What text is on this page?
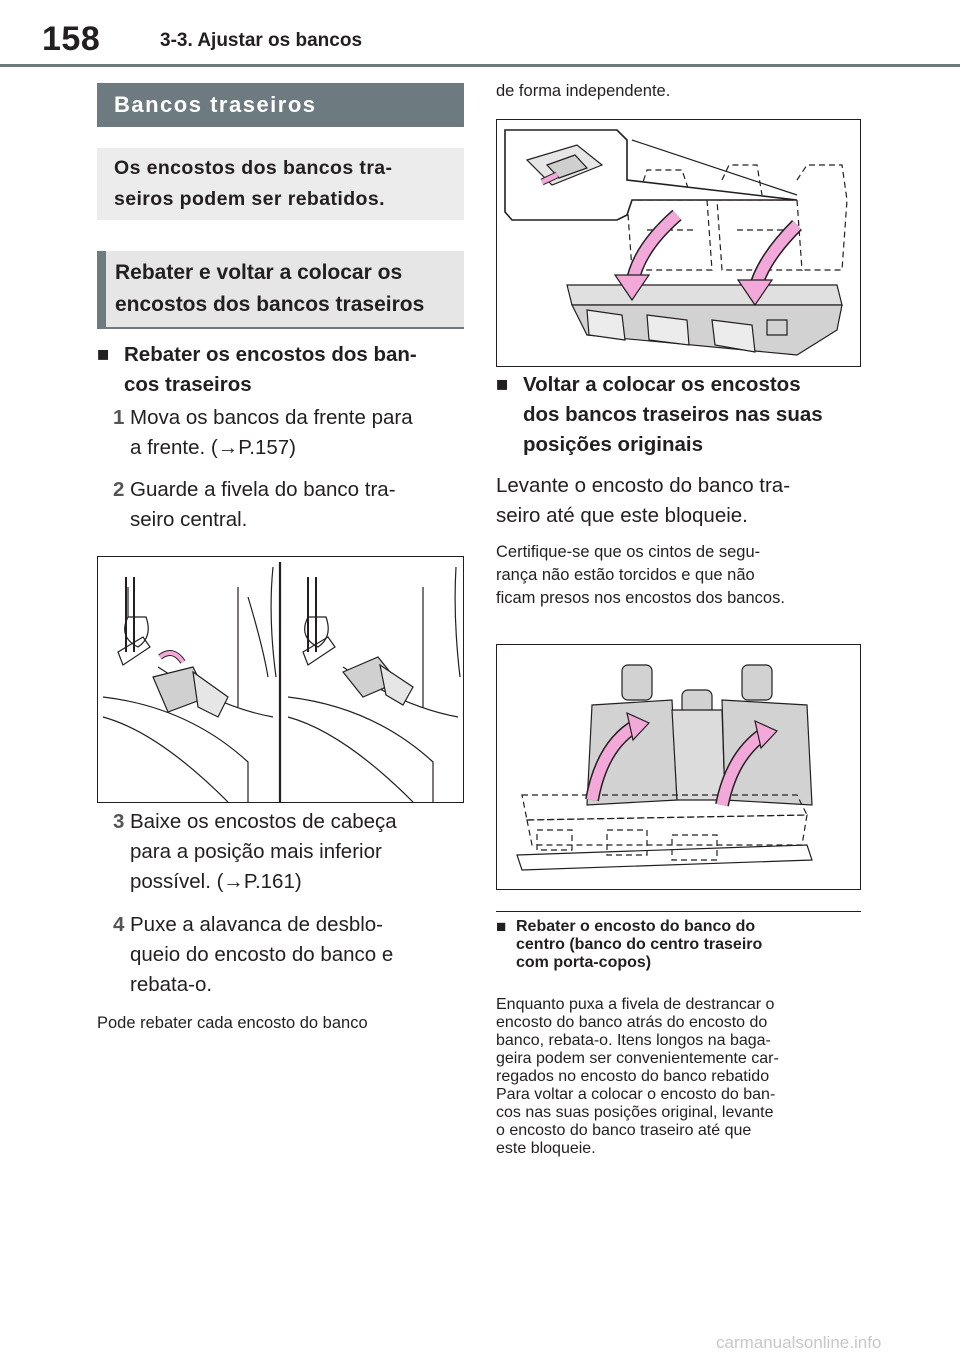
158	3-3. Ajustar os bancos
Bancos traseiros
Os encostos dos bancos tra-
seiros podem ser rebatidos.
Rebater e voltar a colocar os
encostos dos bancos traseiros
■ Rebater os encostos dos ban-
cos traseiros
1 Mova os bancos da frente para
a frente. (→P.157)
2 Guarde a fivela do banco tra-
seiro central.
3 Baixe os encostos de cabeça
para a posição mais inferior
possível. (→P.161)
4 Puxe a alavanca de desblo-
queio do encosto do banco e
rebata-o.
Pode rebater cada encosto do banco
de forma independente.
■ Voltar a colocar os encostos
dos bancos traseiros nas suas
posições originais
Levante o encosto do banco tra-
seiro até que este bloqueie.
Certifique-se que os cintos de segu-
rança não estão torcidos e que não
ficam presos nos encostos dos bancos.
■ Rebater o encosto do banco do
centro (banco do centro traseiro
com porta-copos)
Enquanto puxa a fivela de destrancar o
encosto do banco atrás do encosto do
banco, rebata-o. Itens longos na baga-
geira podem ser convenientemente car-
regados no encosto do banco rebatido
Para voltar a colocar o encosto do ban-
cos nas suas posições original, levante
o encosto do banco traseiro até que
este bloqueie.
carmanualsonline.info
